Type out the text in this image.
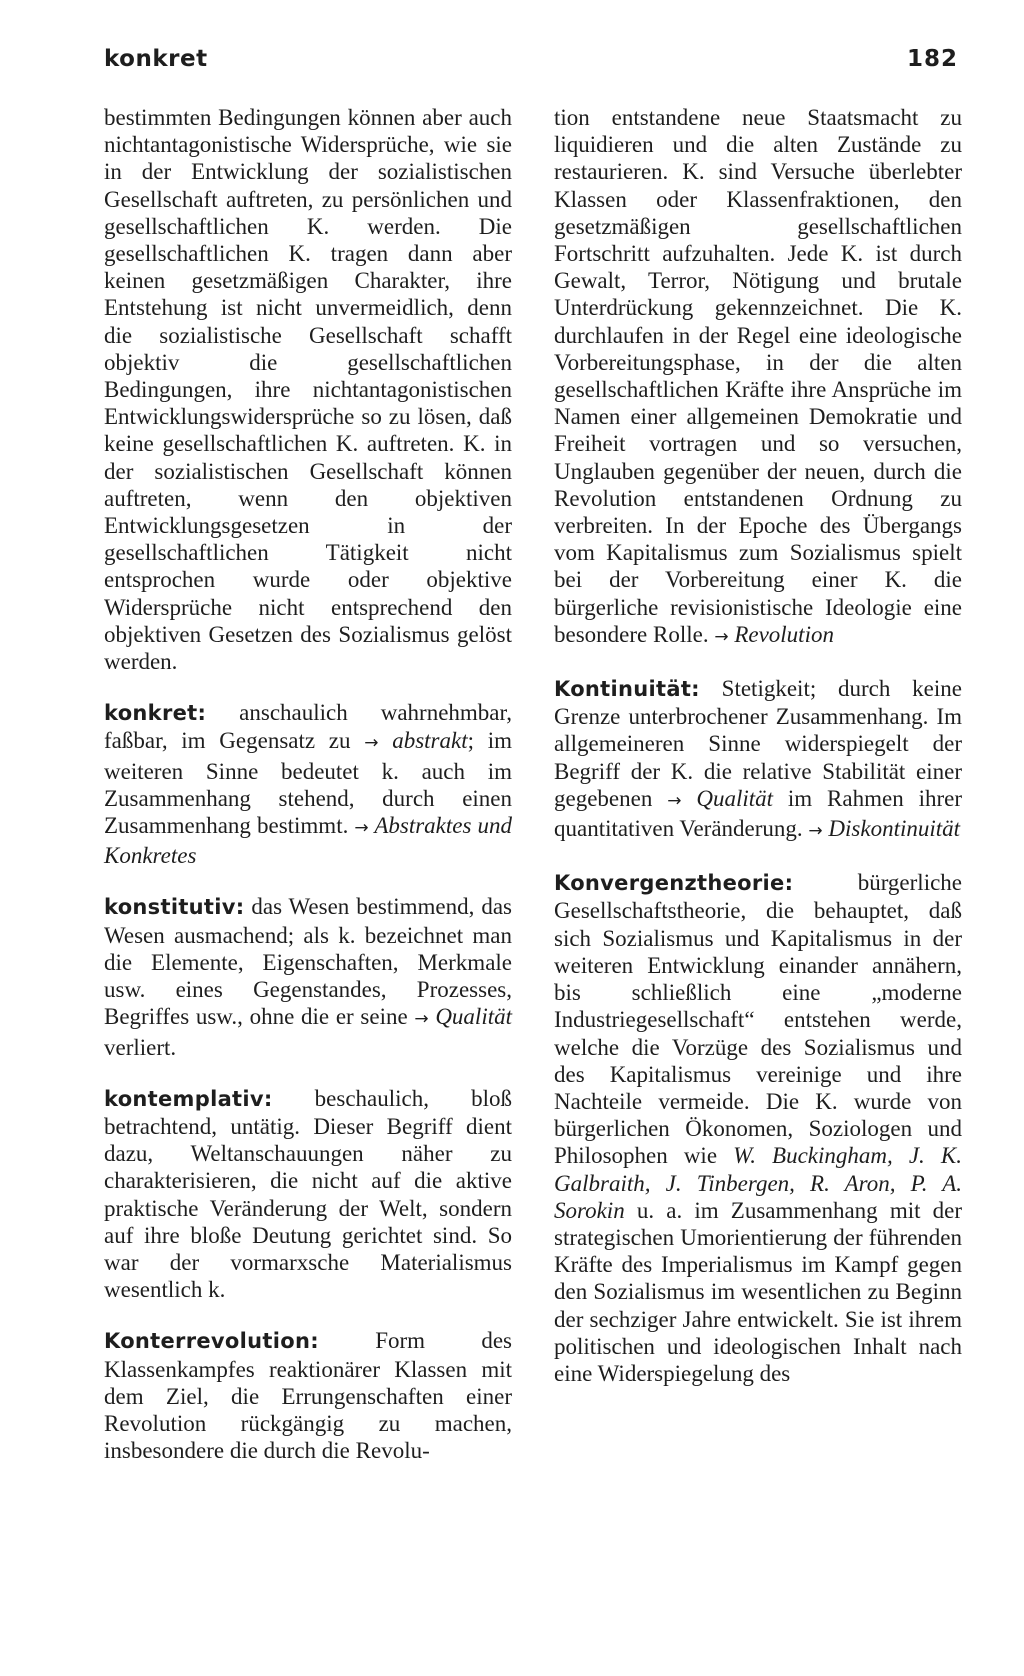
konkret	182

bestimmten Bedingungen können aber auch nichtantagonistische Widersprüche, wie sie in der Entwicklung der sozialistischen Gesellschaft auftreten, zu persönlichen und gesellschaftlichen K. werden. Die gesellschaftlichen K. tragen dann aber keinen gesetzmäßigen Charakter, ihre Entstehung ist nicht unvermeidlich, denn die sozialistische Gesellschaft schafft objektiv die gesellschaftlichen Bedingungen, ihre nichtantagonistischen Entwicklungswidersprüche so zu lösen, daß keine gesellschaftlichen K. auftreten. K. in der sozialistischen Gesellschaft können auftreten, wenn den objektiven Entwicklungsgesetzen in der gesellschaftlichen Tätigkeit nicht entsprochen wurde oder objektive Widersprüche nicht entsprechend den objektiven Gesetzen des Sozialismus gelöst werden.

konkret: anschaulich wahrnehmbar, faßbar, im Gegensatz zu → abstrakt; im weiteren Sinne bedeutet k. auch im Zusammenhang stehend, durch einen Zusammenhang bestimmt. → Abstraktes und Konkretes

konstitutiv: das Wesen bestimmend, das Wesen ausmachend; als k. bezeichnet man die Elemente, Eigenschaften, Merkmale usw. eines Gegenstandes, Prozesses, Begriffes usw., ohne die er seine → Qualität verliert.

kontemplativ: beschaulich, bloß betrachtend, untätig. Dieser Begriff dient dazu, Weltanschauungen näher zu charakterisieren, die nicht auf die aktive praktische Veränderung der Welt, sondern auf ihre bloße Deutung gerichtet sind. So war der vormarxsche Materialismus wesentlich k.

Konterrevolution: Form des Klassenkampfes reaktionärer Klassen mit dem Ziel, die Errungenschaften einer Revolution rückgängig zu machen, insbesondere die durch die Revolu-

tion entstandene neue Staatsmacht zu liquidieren und die alten Zustände zu restaurieren. K. sind Versuche überlebter Klassen oder Klassenfraktionen, den gesetzmäßigen gesellschaftlichen Fortschritt aufzuhalten. Jede K. ist durch Gewalt, Terror, Nötigung und brutale Unterdrückung gekennzeichnet. Die K. durchlaufen in der Regel eine ideologische Vorbereitungsphase, in der die alten gesellschaftlichen Kräfte ihre Ansprüche im Namen einer allgemeinen Demokratie und Freiheit vortragen und so versuchen, Unglauben gegenüber der neuen, durch die Revolution entstandenen Ordnung zu verbreiten. In der Epoche des Übergangs vom Kapitalismus zum Sozialismus spielt bei der Vorbereitung einer K. die bürgerliche revisionistische Ideologie eine besondere Rolle. → Revolution

Kontinuität: Stetigkeit; durch keine Grenze unterbrochener Zusammenhang. Im allgemeineren Sinne widerspiegelt der Begriff der K. die relative Stabilität einer gegebenen → Qualität im Rahmen ihrer quantitativen Veränderung. → Diskontinuität

Konvergenztheorie: bürgerliche Gesellschaftstheorie, die behauptet, daß sich Sozialismus und Kapitalismus in der weiteren Entwicklung einander annähern, bis schließlich eine „moderne Industriegesellschaft“ entstehen werde, welche die Vorzüge des Sozialismus und des Kapitalismus vereinige und ihre Nachteile vermeide. Die K. wurde von bürgerlichen Ökonomen, Soziologen und Philosophen wie W. Buckingham, J. K. Galbraith, J. Tinbergen, R. Aron, P. A. Sorokin u. a. im Zusammenhang mit der strategischen Umorientierung der führenden Kräfte des Imperialismus im Kampf gegen den Sozialismus im wesentlichen zu Beginn der sechziger Jahre entwickelt. Sie ist ihrem politischen und ideologischen Inhalt nach eine Widerspiegelung des
